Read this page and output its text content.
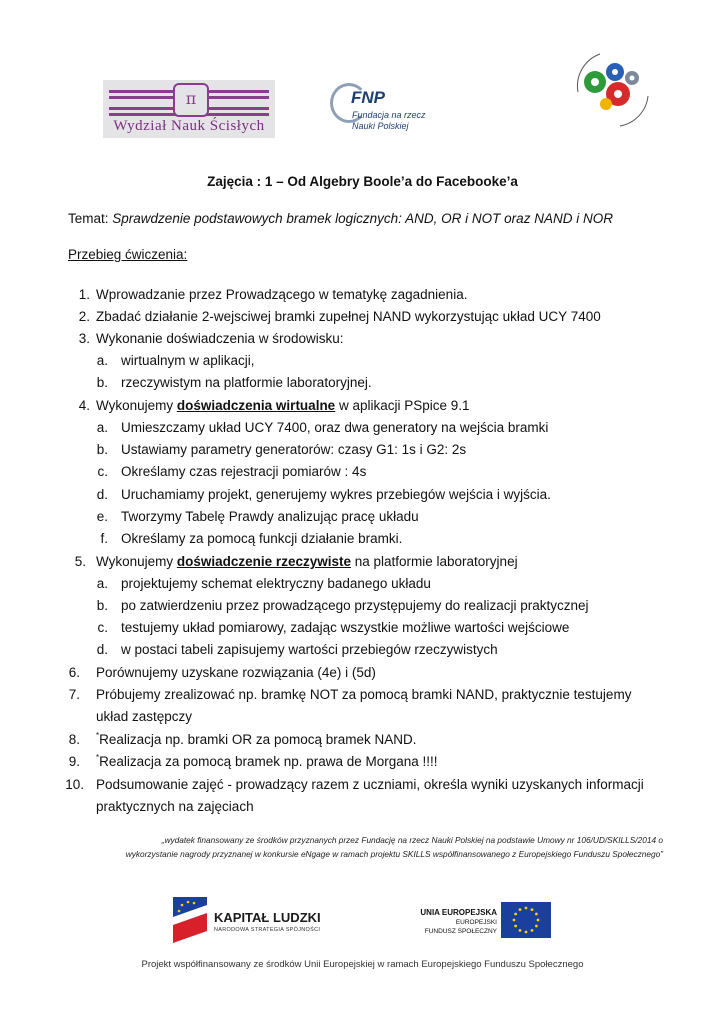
π
Wydział Nauk Ścisłych
FNP
Fundacja na rzecz
Nauki Polskiej
Zajęcia : 1 – Od Algebry Boole’a do Facebooke’a
Temat: Sprawdzenie podstawowych bramek logicznych: AND, OR i NOT oraz NAND i NOR
Przebieg ćwiczenia:
1. Wprowadzanie przez Prowadzącego w tematykę zagadnienia.
2. Zbadać działanie 2-wejsciwej bramki zupełnej NAND wykorzystując układ UCY 7400
3. Wykonanie doświadczenia w środowisku:
a. wirtualnym w aplikacji,
b. rzeczywistym na platformie laboratoryjnej.
4. Wykonujemy doświadczenia wirtualne w aplikacji PSpice 9.1
a. Umieszczamy układ UCY 7400, oraz dwa generatory na wejścia bramki
b. Ustawiamy parametry generatorów: czasy G1: 1s i G2: 2s
c. Określamy czas rejestracji pomiarów : 4s
d. Uruchamiamy projekt, generujemy wykres przebiegów wejścia i wyjścia.
e. Tworzymy Tabelę Prawdy analizując pracę układu
f. Określamy za pomocą funkcji działanie bramki.
5. Wykonujemy doświadczenie rzeczywiste na platformie laboratoryjnej
a. projektujemy schemat elektryczny badanego układu
b. po zatwierdzeniu przez prowadzącego przystępujemy do realizacji praktycznej
c. testujemy układ pomiarowy, zadając wszystkie możliwe wartości wejściowe
d. w postaci tabeli zapisujemy wartości przebiegów rzeczywistych
6. Porównujemy uzyskane rozwiązania (4e) i (5d)
7. Próbujemy zrealizować np. bramkę NOT za pomocą bramki NAND, praktycznie testujemy
układ zastępczy
8. *Realizacja np. bramki OR za pomocą bramek NAND.
9. *Realizacja za pomocą bramek np. prawa de Morgana !!!!
10. Podsumowanie zajęć - prowadzący razem z uczniami, określa wyniki uzyskanych informacji
praktycznych na zajęciach
„wydatek finansowany ze środków przyznanych przez Fundację na rzecz Nauki Polskiej na podstawie Umowy nr 106/UD/SKILLS/2014 o
wykorzystanie nagrody przyznanej w konkursie eNgage w ramach projektu SKILLS współfinansowanego z Europejskiego Funduszu Społecznego”
KAPITAŁ LUDZKI
NARODOWA STRATEGIA SPÓJNOŚCI
UNIA EUROPEJSKA
EUROPEJSKI
FUNDUSZ SPOŁECZNY
Projekt współfinansowany ze środków Unii Europejskiej w ramach Europejskiego Funduszu Społecznego
